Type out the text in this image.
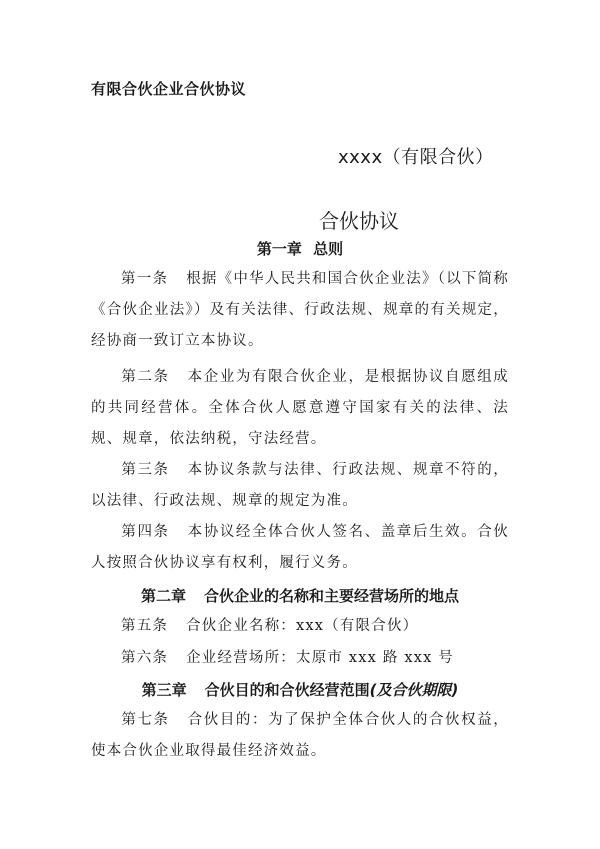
有限合伙企业合伙协议
xxxx（有限合伙）
合伙协议
第一章 总则
第一条 根据《中华人民共和国合伙企业法》（以下简称《合伙企业法》）及有关法律、行政法规、规章的有关规定，经协商一致订立本协议。
第二条 本企业为有限合伙企业，是根据协议自愿组成的共同经营体。全体合伙人愿意遵守国家有关的法律、法规、规章，依法纳税，守法经营。
第三条 本协议条款与法律、行政法规、规章不符的，以法律、行政法规、规章的规定为准。
第四条 本协议经全体合伙人签名、盖章后生效。合伙人按照合伙协议享有权利，履行义务。
第二章 合伙企业的名称和主要经营场所的地点
第五条 合伙企业名称：xxx（有限合伙）
第六条 企业经营场所：太原市 xxx 路 xxx 号
第三章 合伙目的和合伙经营范围(及合伙期限)
第七条 合伙目的：为了保护全体合伙人的合伙权益，使本合伙企业取得最佳经济效益。
